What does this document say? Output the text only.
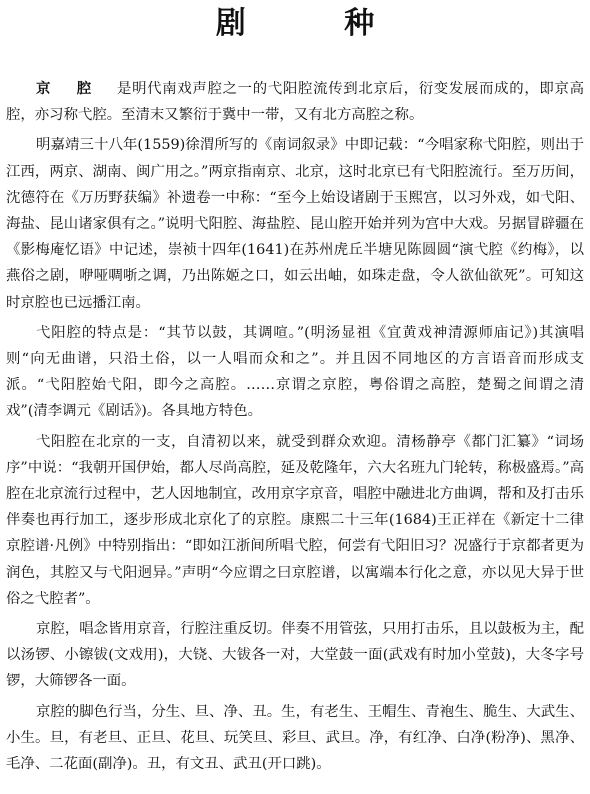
剧 种

京 腔　 是明代南戏声腔之一的弋阳腔流传到北京后，衍变发展而成的，即京高腔，亦习称弋腔。至清末又繁衍于冀中一带，又有北方高腔之称。

明嘉靖三十八年(1559)徐渭所写的《南词叙录》中即记载：“今唱家称弋阳腔，则出于江西，两京、湖南、闽广用之。”两京指南京、北京，这时北京已有弋阳腔流行。至万历间，沈德符在《万历野获编》补遗卷一中称：“至今上始设诸剧于玉熙宫，以习外戏，如弋阳、海盐、昆山诸家俱有之。”说明弋阳腔、海盐腔、昆山腔开始并列为宫中大戏。另据冒辟疆在《影梅庵忆语》中记述，崇祯十四年(1641)在苏州虎丘半塘见陈圆圆“演弋腔《约梅》，以燕俗之剧，咿哑啁哳之调，乃出陈姬之口，如云出岫，如珠走盘，令人欲仙欲死”。可知这时京腔也已远播江南。

弋阳腔的特点是：“其节以鼓，其调喧。”(明汤显祖《宜黄戏神清源师庙记》)其演唱则“向无曲谱，只沿土俗，以一人唱而众和之”。并且因不同地区的方言语音而形成支派。“弋阳腔始弋阳，即今之高腔。……京谓之京腔，粤俗谓之高腔，楚蜀之间谓之清戏”(清李调元《剧话》)。各具地方特色。

弋阳腔在北京的一支，自清初以来，就受到群众欢迎。清杨静亭《都门汇纂》“词场序”中说：“我朝开国伊始，都人尽尚高腔，延及乾隆年，六大名班九门轮转，称极盛焉。”高腔在北京流行过程中，艺人因地制宜，改用京字京音，唱腔中融进北方曲调，帮和及打击乐伴奏也再行加工，逐步形成北京化了的京腔。康熙二十三年(1684)王正祥在《新定十二律京腔谱·凡例》中特别指出：“即如江浙间所唱弋腔，何尝有弋阳旧习？况盛行于京都者更为润色，其腔又与弋阳迥异。”声明“今应谓之曰京腔谱，以寓端本行化之意，亦以见大异于世俗之弋腔者”。

京腔，唱念皆用京音，行腔注重反切。伴奏不用管弦，只用打击乐，且以鼓板为主，配以汤锣、小镲钹(文戏用)，大铙、大钹各一对，大堂鼓一面(武戏有时加小堂鼓)，大冬字号锣，大筛锣各一面。

京腔的脚色行当，分生、旦、净、丑。生，有老生、王帽生、青袍生、脆生、大武生、小生。旦，有老旦、正旦、花旦、玩笑旦、彩旦、武旦。净，有红净、白净(粉净)、黑净、毛净、二花面(副净)。丑，有文丑、武丑(开口跳)。
